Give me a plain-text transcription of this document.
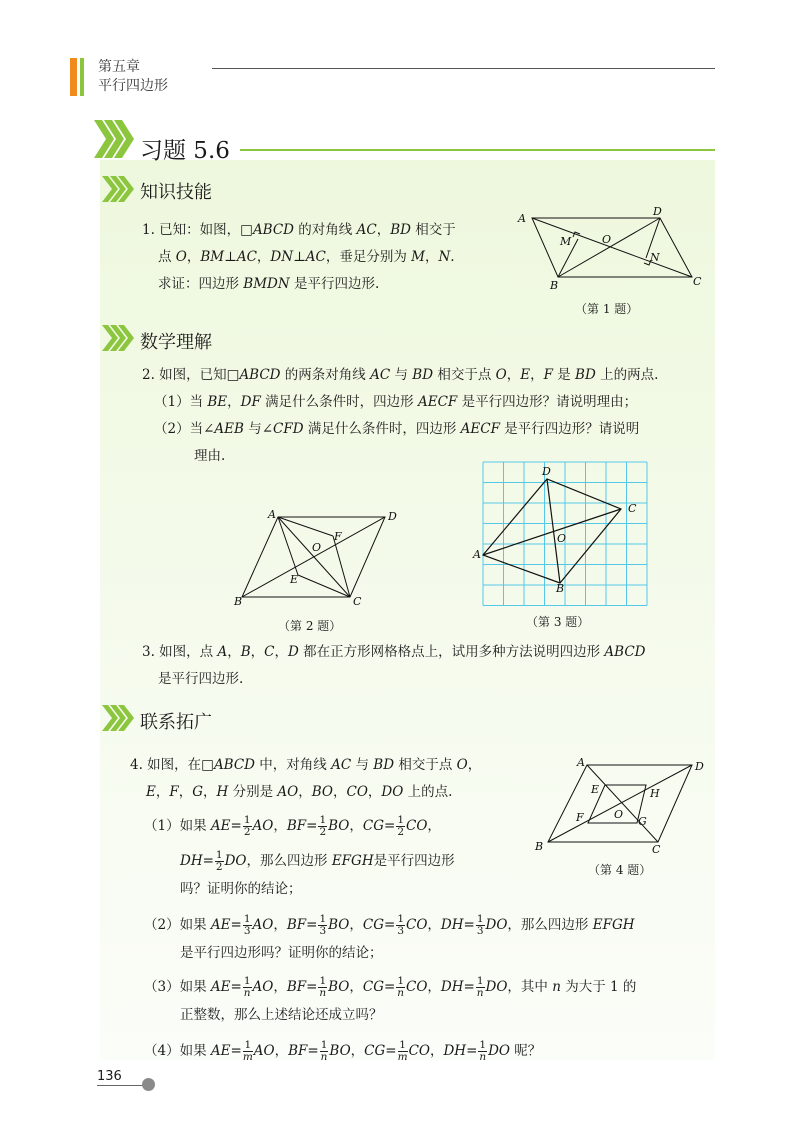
第五章
平行四边形
习题 5.6
知识技能
1. 已知：如图，□ABCD 的对角线 AC，BD 相交于
点 O，BM⊥AC，DN⊥AC，垂足分别为 M，N.
求证：四边形 BMDN 是平行四边形.
A
D
C
B
O
M
N
（第 1 题）
数学理解
2. 如图，已知□ABCD 的两条对角线 AC 与 BD 相交于点 O，E，F 是 BD 上的两点.
（1）当 BE，DF 满足什么条件时，四边形 AECF 是平行四边形？请说明理由；
（2）当∠AEB 与∠CFD 满足什么条件时，四边形 AECF 是平行四边形？请说明
理由.
A	D
B	C
O
F
E
（第 2 题）
A
D
C
B
O
（第 3 题）
3. 如图，点 A，B，C，D 都在正方形网格格点上，试用多种方法说明四边形 ABCD
是平行四边形.
联系拓广
4. 如图，在□ABCD 中，对角线 AC 与 BD 相交于点 O，
E，F，G，H 分别是 AO，BO，CO，DO 上的点.
（1）如果 $AE= \frac{1}{2}$ AO，$BF= \frac{1}{2}$ BO，$CG= \frac{1}{2}$ CO，
$DH= \frac{1}{2}$ DO，那么四边形 EFGH是平行四边形
吗？证明你的结论；
（2）如果 $AE= \frac{1}{3}$ AO，$BF= \frac{1}{3}$ BO，$CG= \frac{1}{3}$ CO，$DH= \frac{1}{3}$ DO，那么四边形 EFGH
是平行四边形吗？证明你的结论；
（3）如果 $AE= \frac{1}{n}AO$，$BF= \frac{1}{n}BO$，$CG= \frac{1}{n}CO$，$DH= \frac{1}{n}DO$，其中 n 为大于 1 的
正整数，那么上述结论还成立吗？
（4）如果 $AE= \frac{1}{m}AO$，$BF= \frac{1}{n}BO$，$CG= \frac{1}{m}CO$，$DH= \frac{1}{n}DO$ 呢？
A	D
B	C
O
E	H
F	G
（第 4 题）
136
